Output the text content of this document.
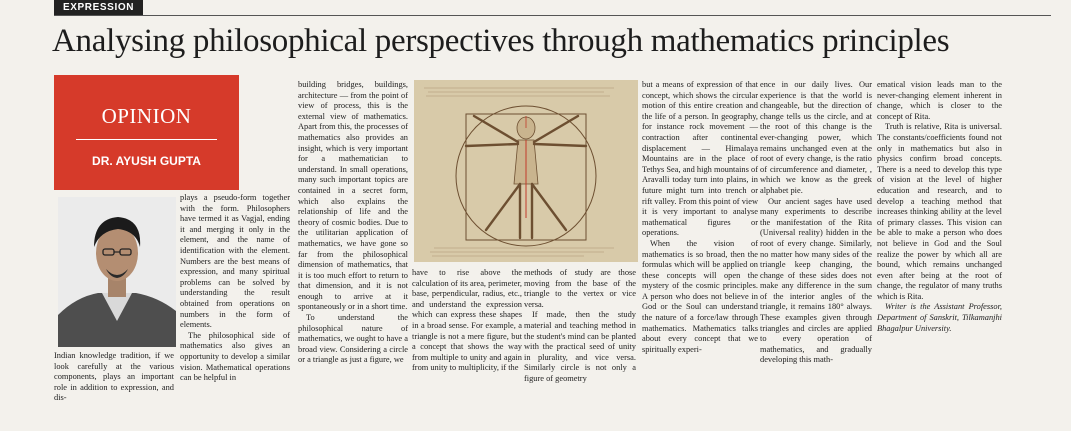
EXPRESSION
Analysing philosophical perspectives through mathematics principles
OPINION
DR. AYUSH GUPTA

Indian knowledge tradition, if we look carefully at the various components, plays an important role in addition to expression, and dis-

plays a pseudo-form together with the form. Philosophers have termed it as Vagjal, ending it and merging it only in the element, and the name of identification with the element. Numbers are the best means of expression, and many spiritual problems can be solved by understanding the result obtained from operations on numbers in the form of elements.

The philosophical side of mathematics also gives an opportunity to develop a similar vision. Mathematical operations can be helpful in

building bridges, buildings, architecture — from the point of view of process, this is the external view of mathematics. Apart from this, the processes of mathematics also provides an insight, which is very important for a mathematician to understand. In small operations, many such important topics are contained in a secret form, which also explains the relationship of life and the theory of cosmic bodies. Due to the utilitarian application of mathematics, we have gone so far from the philosophical dimension of mathematics, that it is too much effort to return to that dimension, and it is not enough to arrive at it spontaneously or in a short time.

To understand the philosophical nature of mathematics, we ought to have a broad view. Considering a circle or a triangle as just a figure, we

have to rise above the calculation of its area, perimeter, base, perpendicular, radius, etc., and understand the expression which can express these shapes in a broad sense. For example, a triangle is not a mere figure, but a concept that shows the way from multiple to unity and again from unity to multiplicity, if the

methods of study are those moving from the base of the triangle to the vertex or vice versa.

If made, then the study material and teaching method in the student's mind can be planted with the practical seed of unity in plurality, and vice versa. Similarly circle is not only a figure of geometry

but a means of expression of that concept, which shows the circular motion of this entire creation and the life of a person. In geography, for instance rock movement — contraction after continental displacement — Himalaya Mountains are in the place of Tethys Sea, and high mountains of Aravalli today turn into plains, in future might turn into trench or rift valley. From this point of view it is very important to analyse mathematical figures or operations.

When the vision of mathematics is so broad, then the formulas which will be applied on these concepts will open the mystery of the cosmic principles. A person who does not believe in God or the Soul can understand the nature of a force/law through mathematics. Mathematics talks about every concept that we spiritually experi-

ence in our daily lives. Our experience is that the world is changeable, but the direction of change tells us the circle, and at the root of this change is the ever-changing power, which remains unchanged even at the root of every change, is the ratio of circumference and diameter, , which we know as the greek alphabet pie.

Our ancient sages have used many experiments to describe the manifestation of the Rita (Universal reality) hidden in the root of every change. Similarly, no matter how many sides of the triangle keep changing, the change of these sides does not make any difference in the sum of the interior angles of the triangle, it remains 180° always. These examples given through triangles and circles are applied to every operation of mathematics, and gradually developing this math-

ematical vision leads man to the never-changing element inherent in change, which is closer to the concept of Rita.

Truth is relative, Rita is universal. The constants/coefficients found not only in mathematics but also in physics confirm broad concepts. There is a need to develop this type of vision at the level of higher education and research, and to develop a teaching method that increases thinking ability at the level of primary classes. This vision can be able to make a person who does not believe in God and the Soul realize the power by which all are bound, which remains unchanged even after being at the root of change, the regulator of many truths which is Rita.

Writer is the Assistant Professor, Department of Sanskrit, Tilkamanjhi Bhagalpur University.
